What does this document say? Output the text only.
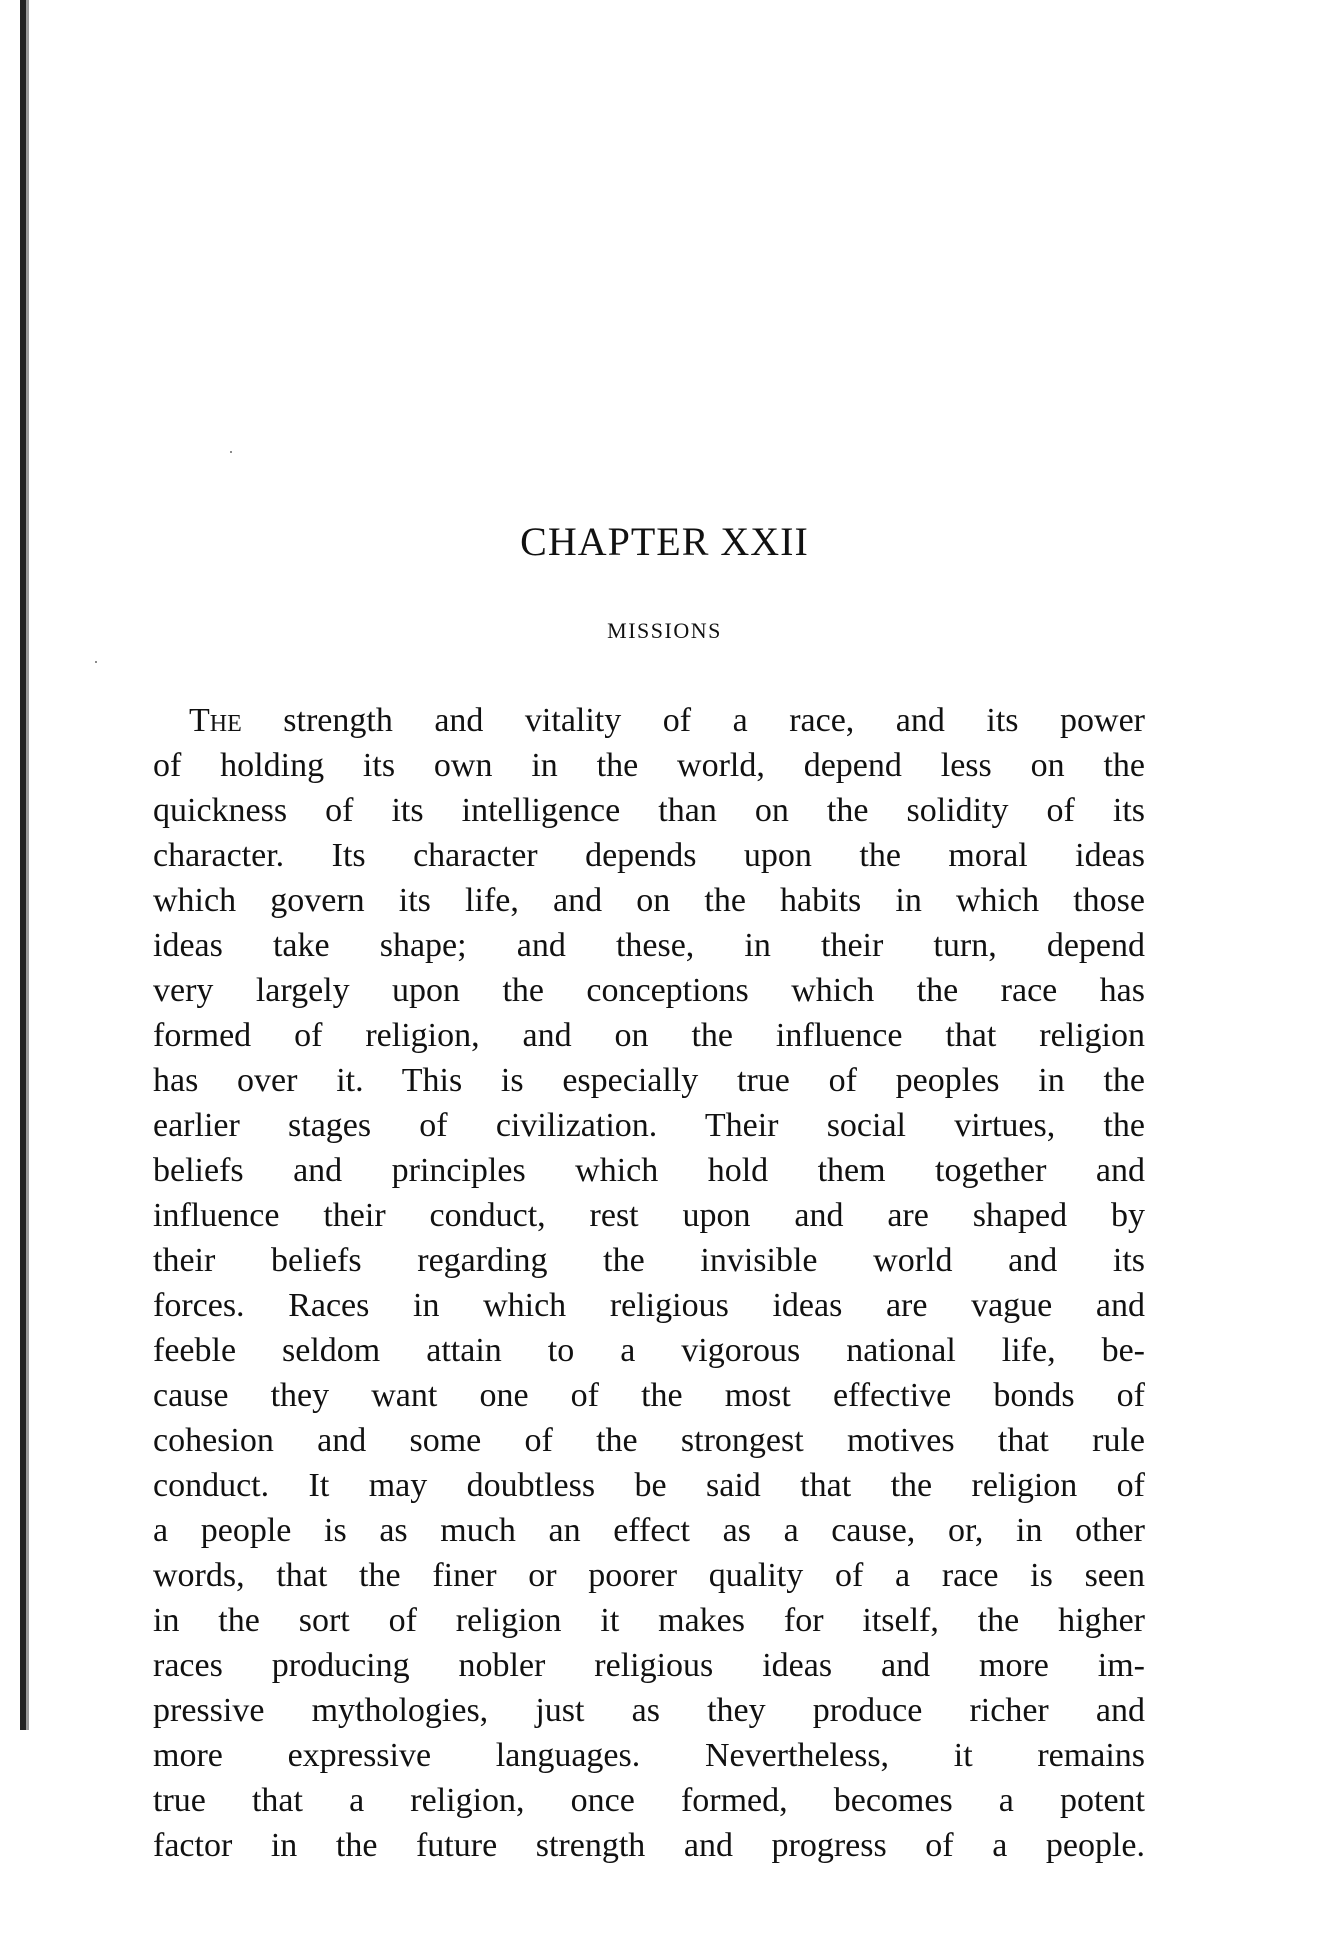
CHAPTER XXII
MISSIONS
The strength and vitality of a race, and its power
of holding its own in the world, depend less on the
quickness of its intelligence than on the solidity of its
character. Its character depends upon the moral ideas
which govern its life, and on the habits in which those
ideas take shape; and these, in their turn, depend
very largely upon the conceptions which the race has
formed of religion, and on the influence that religion
has over it. This is especially true of peoples in the
earlier stages of civilization. Their social virtues, the
beliefs and principles which hold them together and
influence their conduct, rest upon and are shaped by
their beliefs regarding the invisible world and its
forces. Races in which religious ideas are vague and
feeble seldom attain to a vigorous national life, be-
cause they want one of the most effective bonds of
cohesion and some of the strongest motives that rule
conduct. It may doubtless be said that the religion of
a people is as much an effect as a cause, or, in other
words, that the finer or poorer quality of a race is seen
in the sort of religion it makes for itself, the higher
races producing nobler religious ideas and more im-
pressive mythologies, just as they produce richer and
more expressive languages. Nevertheless, it remains
true that a religion, once formed, becomes a potent
factor in the future strength and progress of a people.
